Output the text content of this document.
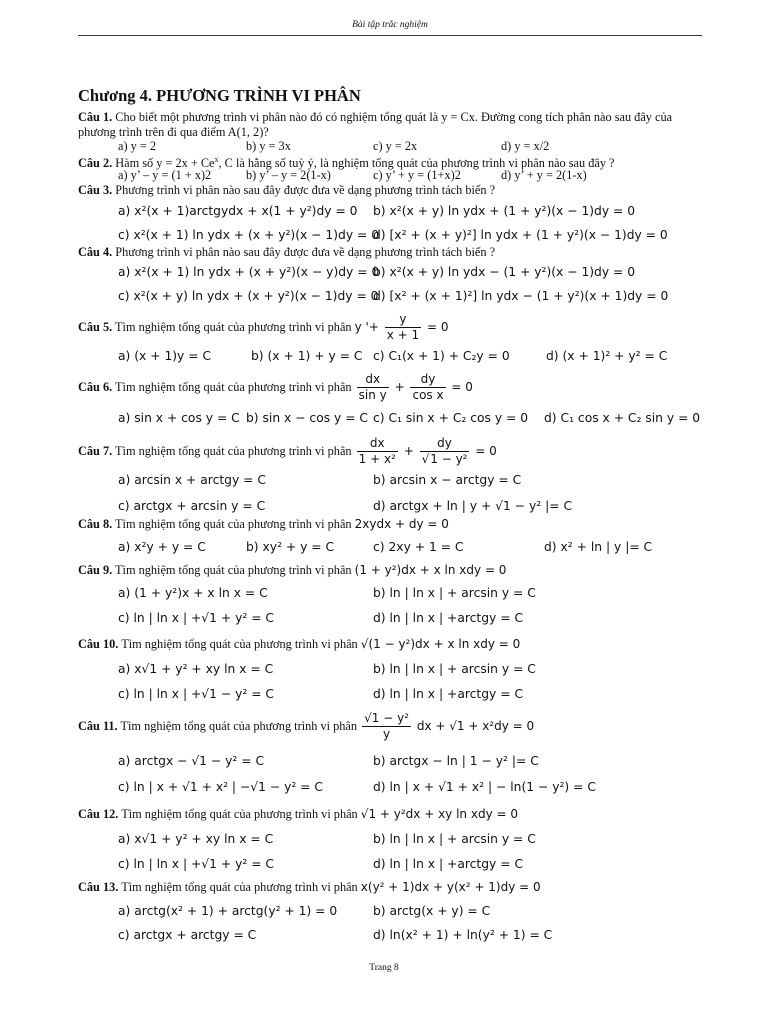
Bài tập trắc nghiệm
Chương 4. PHƯƠNG TRÌNH VI PHÂN
Câu 1. Cho biết một phương trình vi phân nào đó có nghiệm tổng quát là y = Cx. Đường cong tích phân nào sau đây của phương trình trên đi qua điểm A(1, 2)?
a) y = 2	b) y = 3x	c) y = 2x	d) y = x/2
Câu 2. Hàm số $y = 2x + Ce^x$, C là hằng số tuỳ ý, là nghiệm tổng quát của phương trình vi phân nào sau đây ?
a) y’ – y = (1 + x)2	b) y’ – y = 2(1-x)	c) y’ + y = (1+x)2	d) y’ + y = 2(1-x)
Câu 3. Phương trình vi phân nào sau đây được đưa về dạng phương trình tách biến ?
a) x²(x + 1)arctgydx + x(1 + y²)dy = 0 b) x²(x + y) ln ydx + (1 + y²)(x − 1)dy = 0
c) x²(x + 1) ln ydx + (x + y²)(x − 1)dy = 0
d) [x² + (x + y)²] ln ydx + (1 + y²)(x − 1)dy = 0
Câu 4. Phương trình vi phân nào sau đây được đưa về dạng phương trình tách biến ?
a) x²(x + 1) ln ydx + (x + y²)(x − y)dy = 0
b) x²(x + y) ln ydx − (1 + y²)(x − 1)dy = 0
c) x²(x + y) ln ydx + (x + y²)(x − 1)dy = 0
d) [x² + (x + 1)²] ln ydx − (1 + y²)(x + 1)dy = 0
Câu 5. Tìm nghiệm tổng quát của phương trình vi phân y '+ $\frac{y}{x + 1} = 0$
a) (x + 1)y = C	b) (x + 1) + y = C c) C₁(x + 1) + C₂y = 0	d) (x + 1)² + y² = C
Câu 6. Tìm nghiệm tổng quát của phương trình vi phân $\frac{dx}{\text{sin y}} + \frac{dy}{\text{cos x}} = 0$
a) sin x + cos y = C b) sin x − cos y = C c) C₁ sin x + C₂ cos y = 0 d) C₁ cos x + C₂ sin y = 0
Câu 7. Tìm nghiệm tổng quát của phương trình vi phân $\frac{dx}{\text{1 + x²}} + \frac{dy}{\text{√1 − y²}} = 0$
a) arcsin x + arctgy = C	b) arcsin x − arctgy = C
c) arctgx + arcsin y = C	d) arctgx + ln | y + √1 − y² |= C
Câu 8. Tìm nghiệm tổng quát của phương trình vi phân 2xydx + dy = 0
a) x²y + y = C	b) xy² + y = C	c) 2xy + 1 = C	d) x² + ln | y |= C
Câu 9. Tìm nghiệm tổng quát của phương trình vi phân (1 + y²)dx + x ln xdy = 0
a) (1 + y²)x + x ln x = C	b) ln | ln x | + arcsin y = C
c) ln | ln x | +√1 + y² = C	d) ln | ln x | +arctgy = C
Câu 10. Tìm nghiệm tổng quát của phương trình vi phân √(1 − y²)dx + x ln xdy = 0
a) x√1 + y² + xy ln x = C	b) ln | ln x | + arcsin y = C
c) ln | ln x | +√1 − y² = C	d) ln | ln x | +arctgy = C
Câu 11. Tìm nghiệm tổng quát của phương trình vi phân $\frac{\text{√1 − y²}}{y}$ dx + √1 + x²dy = 0
a) arctgx − √1 − y² = C	b) arctgx − ln | 1 − y² |= C
c) ln | x + √1 + x² | −√1 − y² = C	d) ln | x + √1 + x² | − ln(1 − y²) = C
Câu 12. Tìm nghiệm tổng quát của phương trình vi phân √1 + y²dx + xy ln xdy = 0
a) x√1 + y² + xy ln x = C	b) ln | ln x | + arcsin y = C
c) ln | ln x | +√1 + y² = C	d) ln | ln x | +arctgy = C
Câu 13. Tìm nghiệm tổng quát của phương trình vi phân x(y² + 1)dx + y(x² + 1)dy = 0
a) arctg(x² + 1) + arctg(y² + 1) = 0	b) arctg(x + y) = C
c) arctgx + arctgy = C	d) ln(x² + 1) + ln(y² + 1) = C
Trang 8
